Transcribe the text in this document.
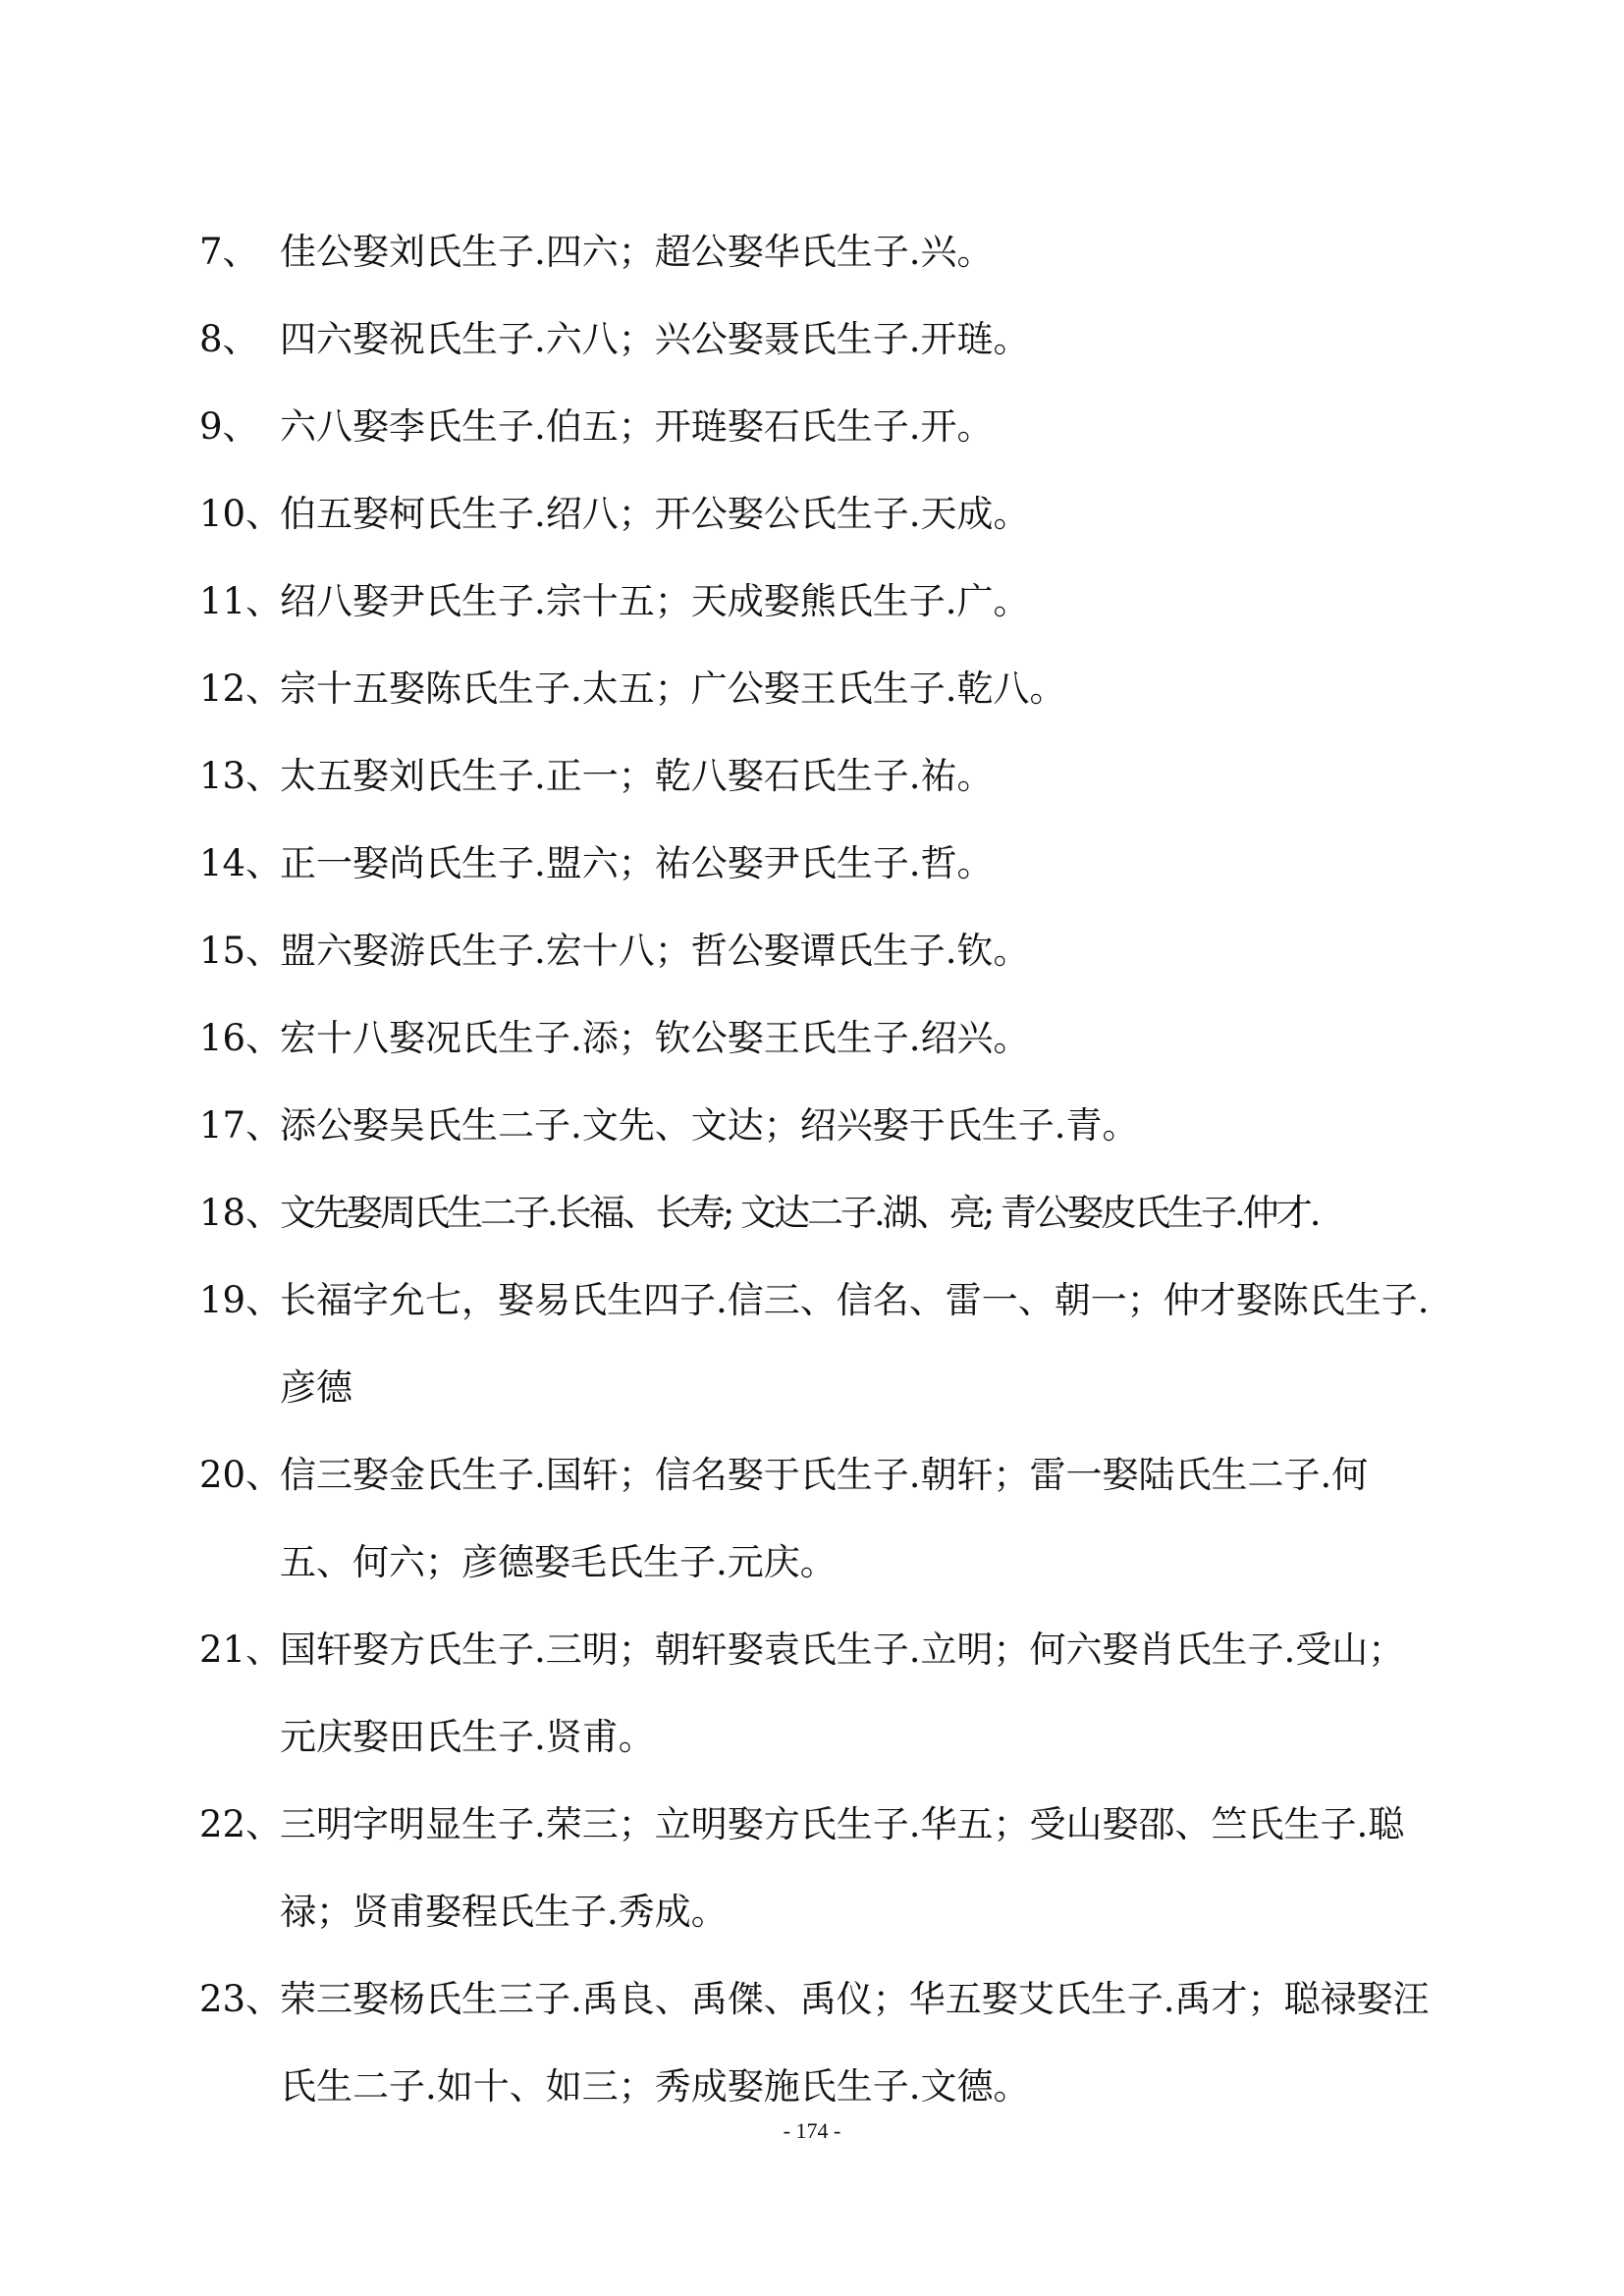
7、 佳公娶刘氏生子.四六；超公娶华氏生子.兴。
8、 四六娶祝氏生子.六八；兴公娶聂氏生子.开琏。
9、 六八娶李氏生子.伯五；开琏娶石氏生子.开。
10、
伯五娶柯氏生子.绍八；开公娶公氏生子.天成。
11、
绍八娶尹氏生子.宗十五；天成娶熊氏生子.广。
12、
宗十五娶陈氏生子.太五；广公娶王氏生子.乾八。
13、
太五娶刘氏生子.正一；乾八娶石氏生子.祐。
14、
正一娶尚氏生子.盟六；祐公娶尹氏生子.哲。
15、
盟六娶游氏生子.宏十八；哲公娶谭氏生子.钦。
16、
宏十八娶况氏生子.添；钦公娶王氏生子.绍兴。
17、
添公娶吴氏生二子.文先、文达；绍兴娶于氏生子.青。
18、
文先娶周氏生二子.长福、长寿; 文达二子.湖、亮; 青公娶皮氏生子.仲才.
19、
长福字允七，娶易氏生四子.信三、信名、雷一、朝一；仲才娶陈氏生子.彦德
20、
信三娶金氏生子.国轩；信名娶于氏生子.朝轩；雷一娶陆氏生二子.何五、何六；彦德娶毛氏生子.元庆。
21、
国轩娶方氏生子.三明；朝轩娶袁氏生子.立明；何六娶肖氏生子.受山；元庆娶田氏生子.贤甫。
22、
三明字明显生子.荣三；立明娶方氏生子.华五；受山娶邵、竺氏生子.聪禄；贤甫娶程氏生子.秀成。
23、
荣三娶杨氏生三子.禹良、禹傑、禹仪；华五娶艾氏生子.禹才；聪禄娶汪氏生二子.如十、如三；秀成娶施氏生子.文德。
- 174 -
